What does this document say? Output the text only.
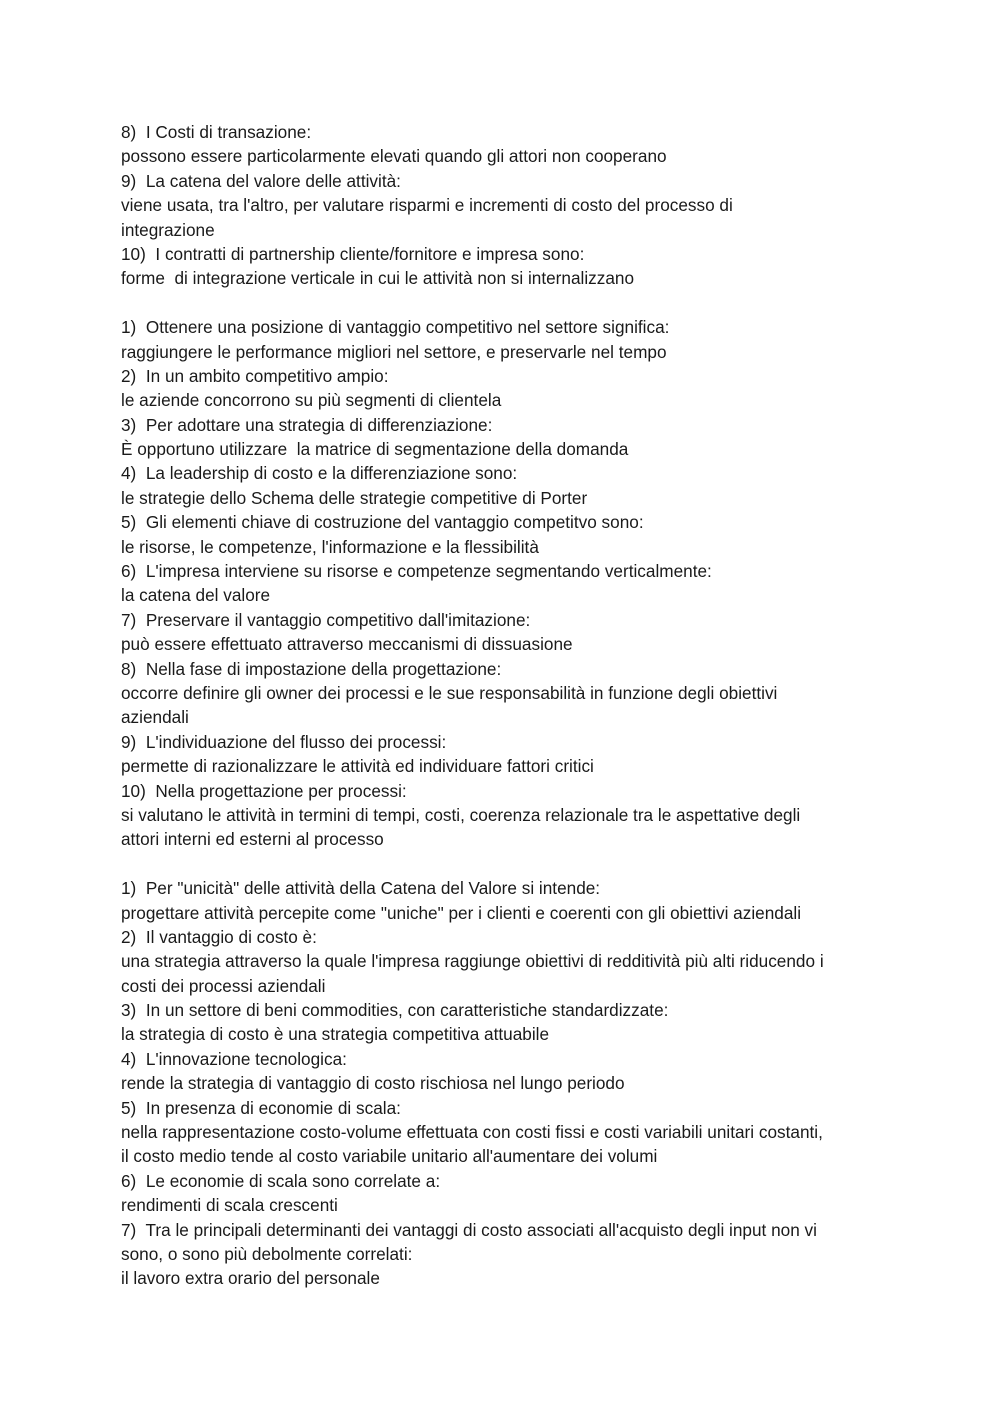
8)  I Costi di transazione:
possono essere particolarmente elevati quando gli attori non cooperano
9)  La catena del valore delle attività:
viene usata, tra l'altro, per valutare risparmi e incrementi di costo del processo di
integrazione
10)  I contratti di partnership cliente/fornitore e impresa sono:
forme  di integrazione verticale in cui le attività non si internalizzano
1)  Ottenere una posizione di vantaggio competitivo nel settore significa:
raggiungere le performance migliori nel settore, e preservarle nel tempo
2)  In un ambito competitivo ampio:
le aziende concorrono su più segmenti di clientela
3)  Per adottare una strategia di differenziazione:
È opportuno utilizzare  la matrice di segmentazione della domanda
4)  La leadership di costo e la differenziazione sono:
le strategie dello Schema delle strategie competitive di Porter
5)  Gli elementi chiave di costruzione del vantaggio competitvo sono:
le risorse, le competenze, l'informazione e la flessibilità
6)  L'impresa interviene su risorse e competenze segmentando verticalmente:
la catena del valore
7)  Preservare il vantaggio competitivo dall'imitazione:
può essere effettuato attraverso meccanismi di dissuasione
8)  Nella fase di impostazione della progettazione:
occorre definire gli owner dei processi e le sue responsabilità in funzione degli obiettivi
aziendali
9)  L'individuazione del flusso dei processi:
permette di razionalizzare le attività ed individuare fattori critici
10)  Nella progettazione per processi:
si valutano le attività in termini di tempi, costi, coerenza relazionale tra le aspettative degli
attori interni ed esterni al processo
1)  Per "unicità" delle attività della Catena del Valore si intende:
progettare attività percepite come "uniche" per i clienti e coerenti con gli obiettivi aziendali
2)  Il vantaggio di costo è:
una strategia attraverso la quale l'impresa raggiunge obiettivi di redditività più alti riducendo i
costi dei processi aziendali
3)  In un settore di beni commodities, con caratteristiche standardizzate:
la strategia di costo è una strategia competitiva attuabile
4)  L'innovazione tecnologica:
rende la strategia di vantaggio di costo rischiosa nel lungo periodo
5)  In presenza di economie di scala:
nella rappresentazione costo-volume effettuata con costi fissi e costi variabili unitari costanti,
il costo medio tende al costo variabile unitario all'aumentare dei volumi
6)  Le economie di scala sono correlate a:
rendimenti di scala crescenti
7)  Tra le principali determinanti dei vantaggi di costo associati all'acquisto degli input non vi
sono, o sono più debolmente correlati:
il lavoro extra orario del personale
